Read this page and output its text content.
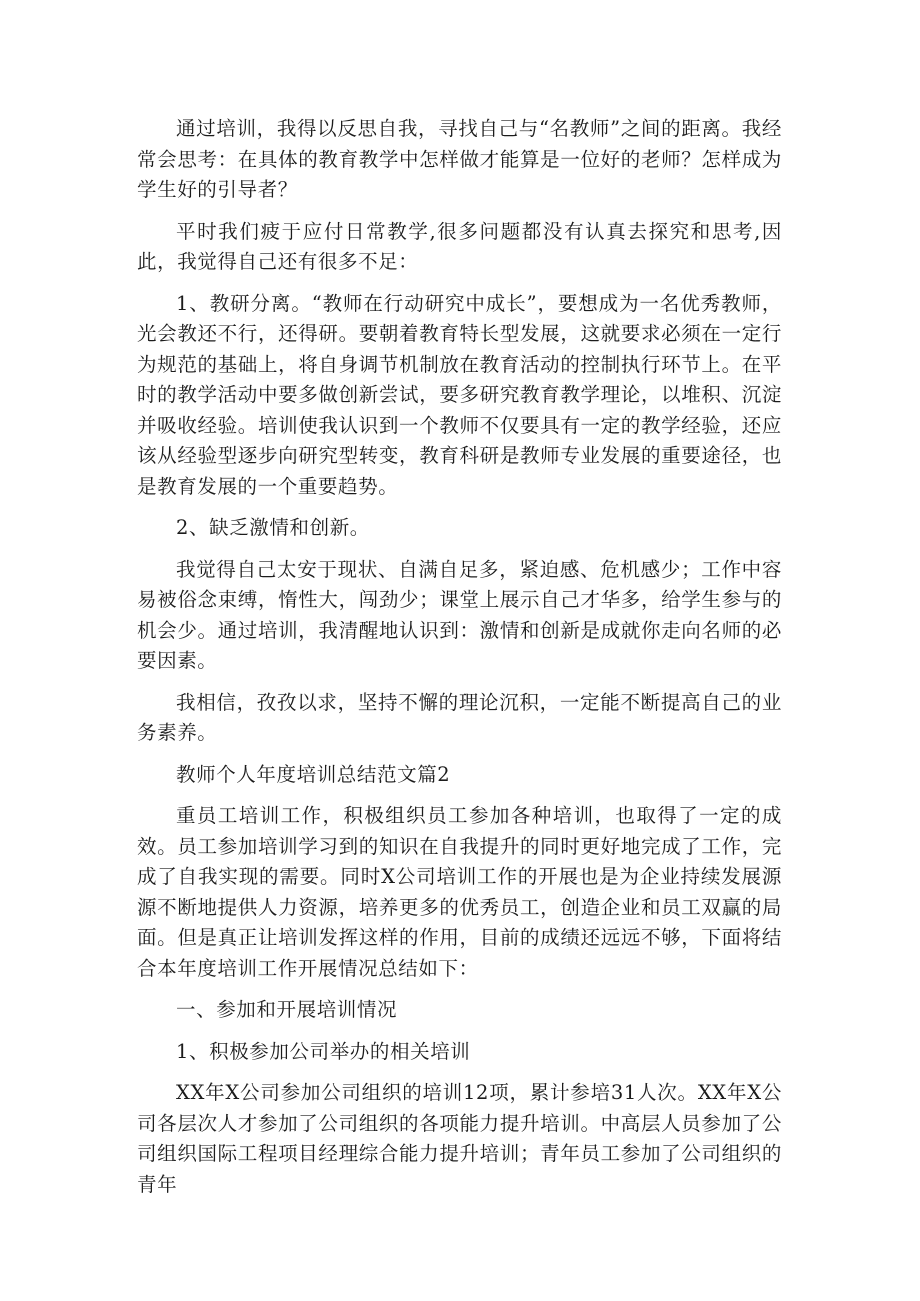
通过培训，我得以反思自我，寻找自己与“名教师”之间的距离。我经常会思考：在具体的教育教学中怎样做才能算是一位好的老师？怎样成为学生好的引导者？

平时我们疲于应付日常教学,很多问题都没有认真去探究和思考,因此，我觉得自己还有很多不足：

1、教研分离。“教师在行动研究中成长”，要想成为一名优秀教师，光会教还不行，还得研。要朝着教育特长型发展，这就要求必须在一定行为规范的基础上，将自身调节机制放在教育活动的控制执行环节上。在平时的教学活动中要多做创新尝试，要多研究教育教学理论，以堆积、沉淀并吸收经验。培训使我认识到一个教师不仅要具有一定的教学经验，还应该从经验型逐步向研究型转变，教育科研是教师专业发展的重要途径，也是教育发展的一个重要趋势。

2、缺乏激情和创新。

我觉得自己太安于现状、自满自足多，紧迫感、危机感少；工作中容易被俗念束缚，惰性大，闯劲少；课堂上展示自己才华多，给学生参与的机会少。通过培训，我清醒地认识到：激情和创新是成就你走向名师的必要因素。

我相信，孜孜以求，坚持不懈的理论沉积，一定能不断提高自己的业务素养。

教师个人年度培训总结范文篇2

重员工培训工作，积极组织员工参加各种培训，也取得了一定的成效。员工参加培训学习到的知识在自我提升的同时更好地完成了工作，完成了自我实现的需要。同时X公司培训工作的开展也是为企业持续发展源源不断地提供人力资源，培养更多的优秀员工，创造企业和员工双赢的局面。但是真正让培训发挥这样的作用，目前的成绩还远远不够，下面将结合本年度培训工作开展情况总结如下：

一、参加和开展培训情况

1、积极参加公司举办的相关培训

XX年X公司参加公司组织的培训12项，累计参培31人次。XX年X公司各层次人才参加了公司组织的各项能力提升培训。中高层人员参加了公司组织国际工程项目经理综合能力提升培训；青年员工参加了公司组织的青年
